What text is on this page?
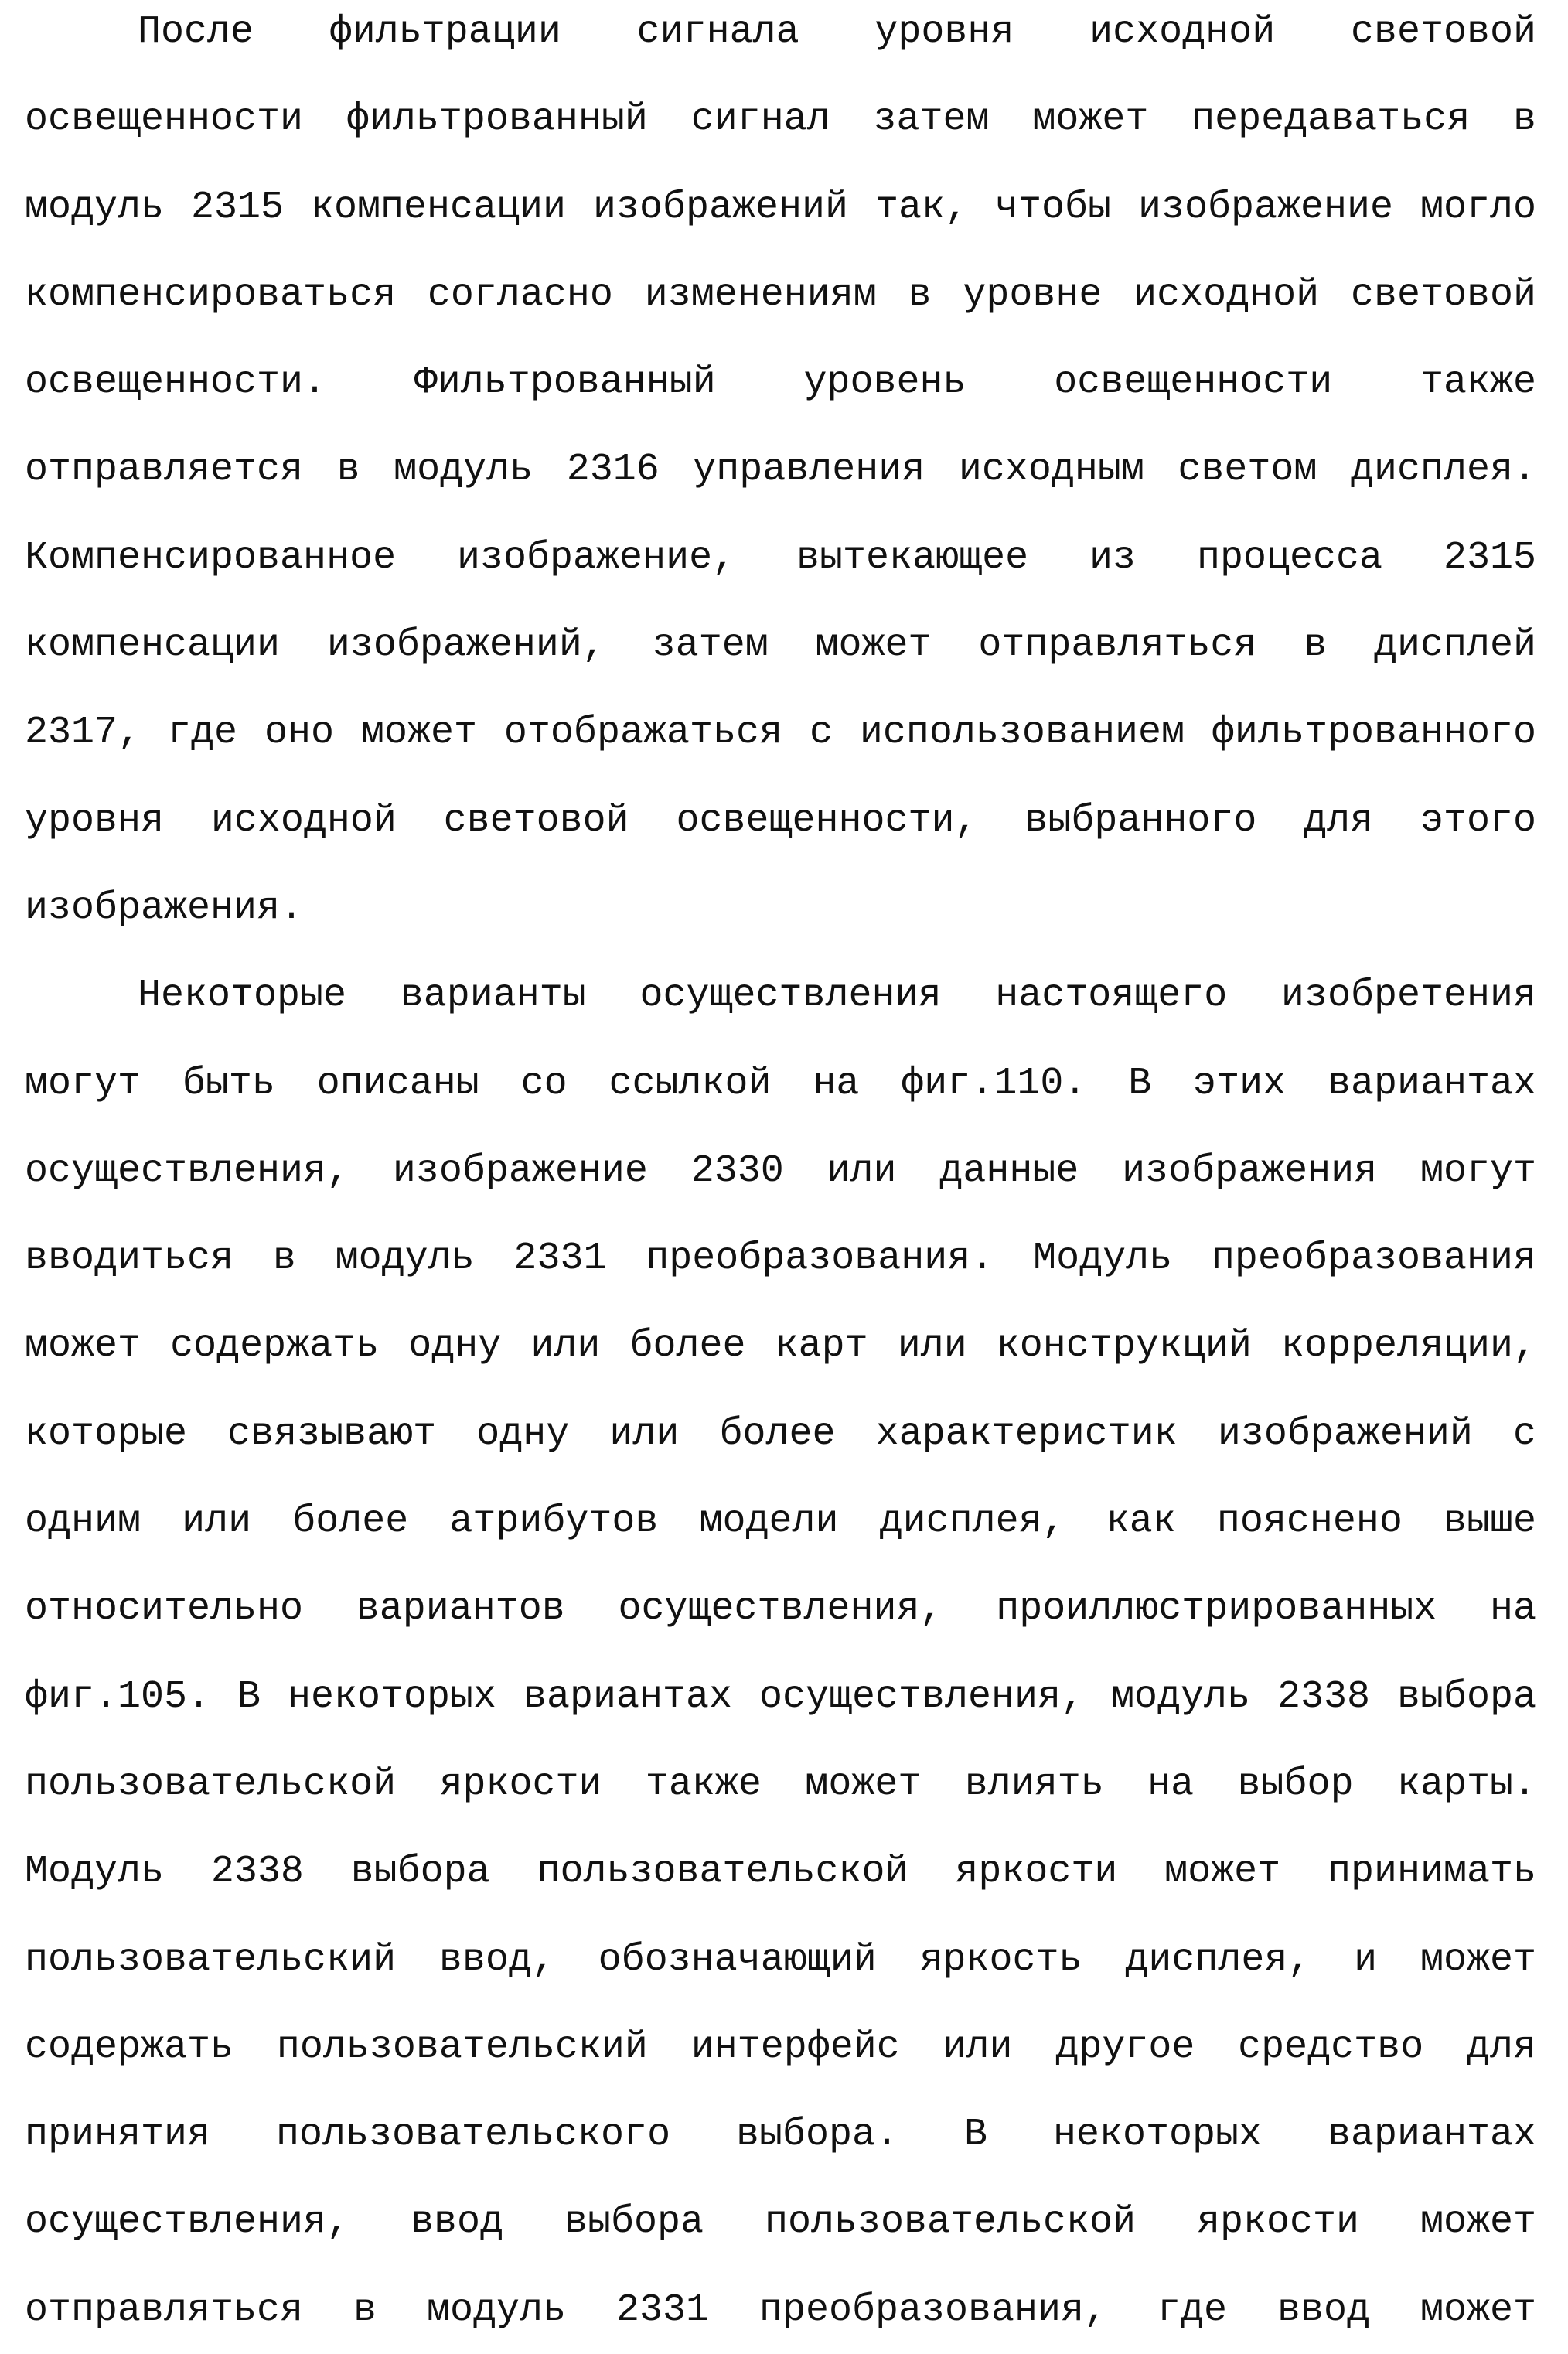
После фильтрации сигнала уровня исходной световой
освещенности фильтрованный сигнал затем может передаваться в
модуль 2315 компенсации изображений так, чтобы изображение могло
компенсироваться согласно изменениям в уровне исходной световой
освещенности. Фильтрованный уровень освещенности также
отправляется в модуль 2316 управления исходным светом дисплея.
Компенсированное изображение, вытекающее из процесса 2315
компенсации изображений, затем может отправляться в дисплей
2317, где оно может отображаться с использованием фильтрованного
уровня исходной световой освещенности, выбранного для этого
изображения.
Некоторые варианты осуществления настоящего изобретения
могут быть описаны со ссылкой на фиг.110. В этих вариантах
осуществления, изображение 2330 или данные изображения могут
вводиться в модуль 2331 преобразования. Модуль преобразования
может содержать одну или более карт или конструкций корреляции,
которые связывают одну или более характеристик изображений с
одним или более атрибутов модели дисплея, как пояснено выше
относительно вариантов осуществления, проиллюстрированных на
фиг.105. В некоторых вариантах осуществления, модуль 2338 выбора
пользовательской яркости также может влиять на выбор карты.
Модуль 2338 выбора пользовательской яркости может принимать
пользовательский ввод, обозначающий яркость дисплея, и может
содержать пользовательский интерфейс или другое средство для
принятия пользовательского выбора. В некоторых вариантах
осуществления, ввод выбора пользовательской яркости может
отправляться в модуль 2331 преобразования, где ввод может
